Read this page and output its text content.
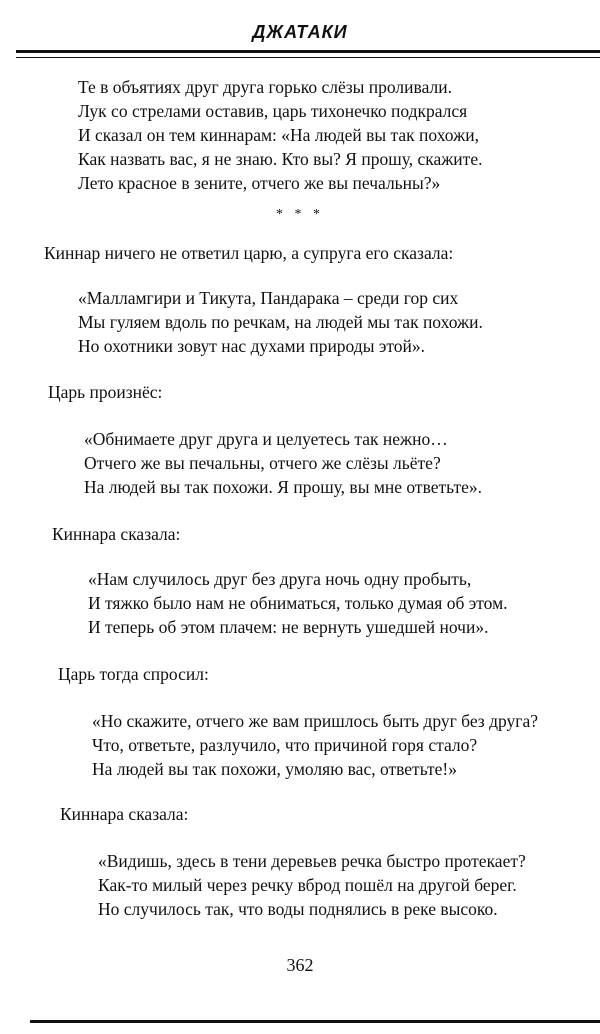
ДЖАТАКИ
Те в объятиях друг друга горько слёзы проливали.
Лук со стрелами оставив, царь тихонечко подкрался
И сказал он тем киннарам: «На людей вы так похожи,
Как назвать вас, я не знаю. Кто вы? Я прошу, скажите.
Лето красное в зените, отчего же вы печальны?»
* * *
Киннар ничего не ответил царю, а супруга его сказала:
«Малламгири и Тикута, Пандаракa – среди гор сих
Мы гуляем вдоль по речкам, на людей мы так похожи.
Но охотники зовут нас духами природы этой».
Царь произнёс:
«Обнимаете друг друга и целуетесь так нежно…
Отчего же вы печальны, отчего же слёзы льёте?
На людей вы так похожи. Я прошу, вы мне ответьте».
Киннара сказала:
«Нам случилось друг без друга ночь одну пробыть,
И тяжко было нам не обниматься, только думая об этом.
И теперь об этом плачем: не вернуть ушедшей ночи».
Царь тогда спросил:
«Но скажите, отчего же вам пришлось быть друг без друга?
Что, ответьте, разлучило, что причиной горя стало?
На людей вы так похожи, умоляю вас, ответьте!»
Киннара сказала:
«Видишь, здесь в тени деревьев речка быстро протекает?
Как-то милый через речку вброд пошёл на другой берег.
Но случилось так, что воды поднялись в реке высоко.
362
